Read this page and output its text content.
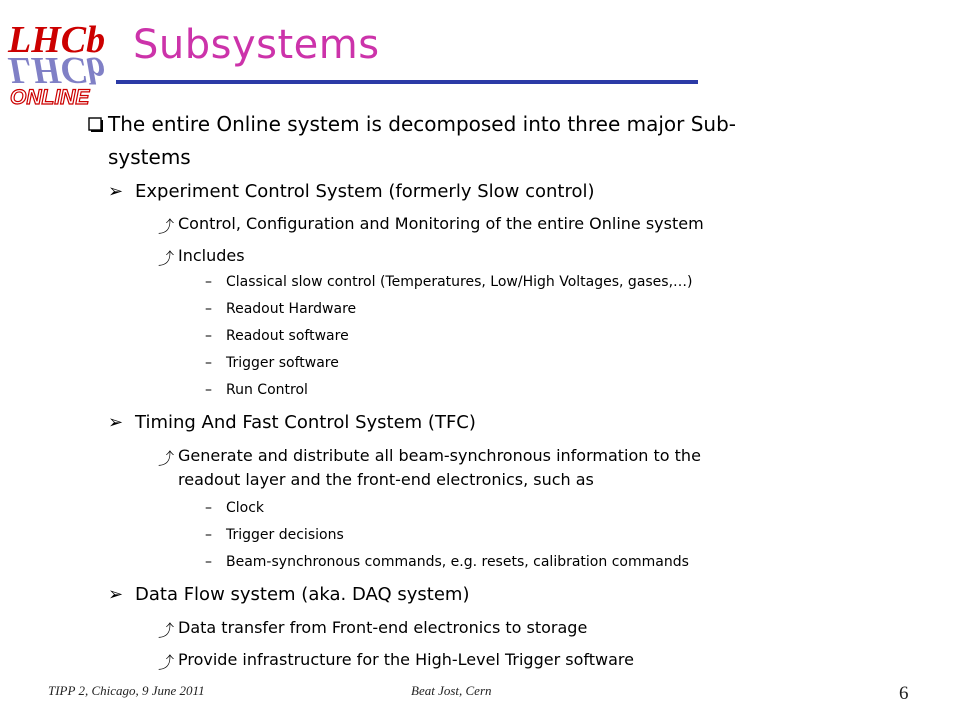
LHCb
LHCb
ONLINE
Subsystems
The entire Online system is decomposed into three major Sub-
systems
➢ Experiment Control System (formerly Slow control)
⤴ Control, Configuration and Monitoring of the entire Online system
⤴ Includes
– Classical slow control (Temperatures, Low/High Voltages, gases,…)
– Readout Hardware
– Readout software
– Trigger software
– Run Control
➢ Timing And Fast Control System (TFC)
⤴ Generate and distribute all beam-synchronous information to the
readout layer and the front-end electronics, such as
– Clock
– Trigger decisions
– Beam-synchronous commands, e.g. resets, calibration commands
➢ Data Flow system (aka. DAQ system)
⤴ Data transfer from Front-end electronics to storage
⤴ Provide infrastructure for the High-Level Trigger software
TIPP 2, Chicago, 9 June 2011	Beat Jost, Cern	6
